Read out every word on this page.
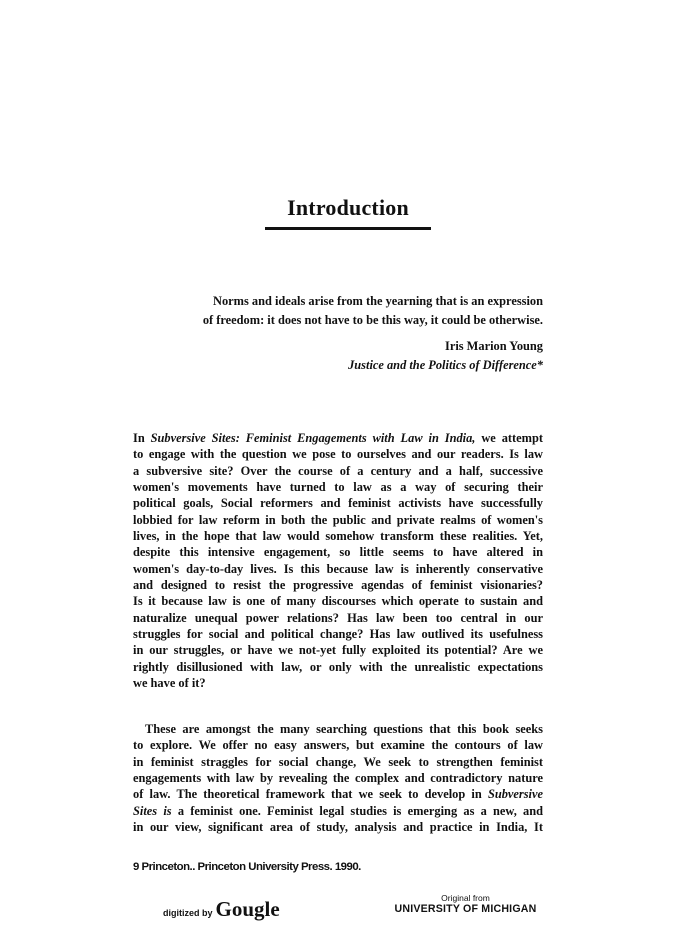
Introduction
Norms and ideals arise from the yearning that is an expression
of freedom: it does not have to be this way, it could be otherwise.
Iris Marion Young
Justice and the Politics of Difference*
In Subversive Sites: Feminist Engagements with Law in India, we attempt
to engage with the question we pose to ourselves and our readers. Is law
a subversive site? Over the course of a century and a half, successive
women's movements have turned to law as a way of securing their
political goals, Social reformers and feminist activists have successfully
lobbied for law reform in both the public and private realms of women's
lives, in the hope that law would somehow transform these realities. Yet,
despite this intensive engagement, so little seems to have altered in
women's day-to-day lives. Is this because law is inherently conservative
and designed to resist the progressive agendas of feminist visionaries?
Is it because law is one of many discourses which operate to sustain and
naturalize unequal power relations? Has law been too central in our
struggles for social and political change? Has law outlived its usefulness
in our struggles, or have we not-yet fully exploited its potential? Are we
rightly disillusioned with law, or only with the unrealistic expectations
we have of it?
These are amongst the many searching questions that this book seeks
to explore. We offer no easy answers, but examine the contours of law
in feminist straggles for social change, We seek to strengthen feminist
engagements with law by revealing the complex and contradictory nature
of law. The theoretical framework that we seek to develop in Subversive
Sites is a feminist one. Feminist legal studies is emerging as a new, and
in our view, significant area of study, analysis and practice in India, It
9 Princeton.. Princeton University Press. 1990.
digitized by Gougle	Original from
UNIVERSITY OF MICHIGAN
